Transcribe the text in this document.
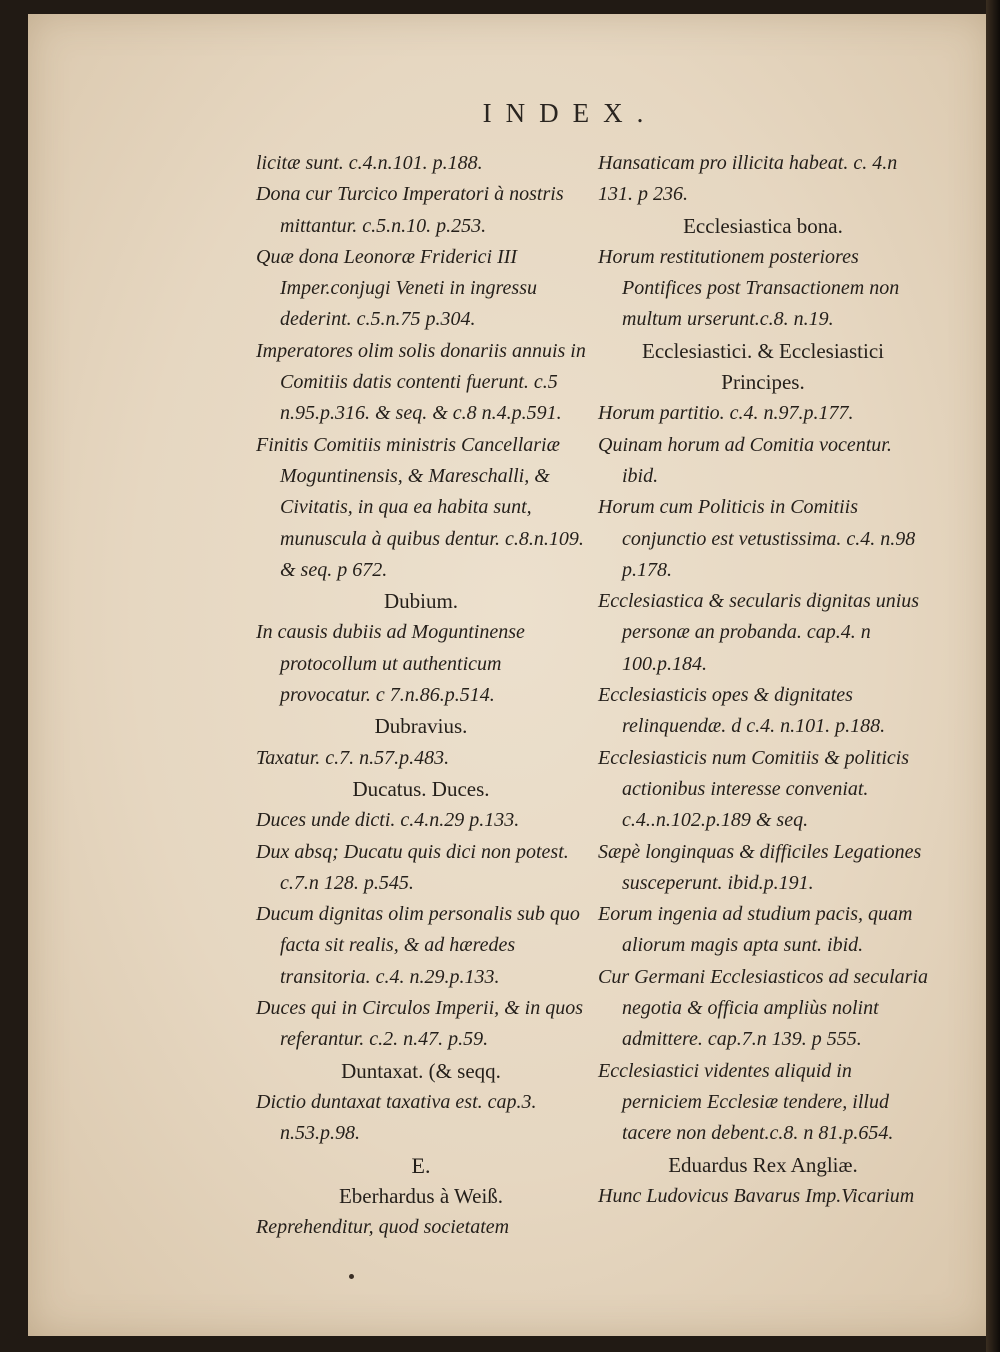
INDEX.

licitæ sunt. c.4.n.101. p.188.

Dona cur Turcico Imperatori à nostris mittantur. c.5.n.10. p.253.

Quæ dona Leonoræ Friderici III Imper.conjugi Veneti in ingressu dederint. c.5.n.75 p.304.

Imperatores olim solis donariis annuis in Comitiis datis contenti fuerunt. c.5 n.95.p.316. & seq. & c.8 n.4.p.591.

Finitis Comitiis ministris Cancellariæ Moguntinensis, & Mareschalli, & Civitatis, in qua ea habita sunt, munuscula à quibus dentur. c.8.n.109. & seq. p 672.

Dubium.

In causis dubiis ad Moguntinense protocollum ut authenticum provocatur. c 7.n.86.p.514.

Dubravius.

Taxatur. c.7. n.57.p.483.

Ducatus. Duces.

Duces unde dicti. c.4.n.29 p.133.

Dux absq; Ducatu quis dici non potest. c.7.n 128. p.545.

Ducum dignitas olim personalis sub quo facta sit realis, & ad hæredes transitoria. c.4. n.29.p.133.

Duces qui in Circulos Imperii, & in quos referantur. c.2. n.47. p.59.

Duntaxat. (& seqq.

Dictio duntaxat taxativa est. cap.3. n.53.p.98.

E.

Eberhardus à Weiß.

Reprehenditur, quod societatem

Hansaticam pro illicita habeat. c. 4.n 131. p 236.

Ecclesiastica bona.

Horum restitutionem posteriores Pontifices post Transactionem non multum urserunt.c.8. n.19.

Ecclesiastici. & Ecclesiastici Principes.

Horum partitio. c.4. n.97.p.177.

Quinam horum ad Comitia vocentur. ibid.

Horum cum Politicis in Comitiis conjunctio est vetustissima. c.4. n.98 p.178.

Ecclesiastica & secularis dignitas unius personæ an probanda. cap.4. n 100.p.184.

Ecclesiasticis opes & dignitates relinquendæ. d c.4. n.101. p.188.

Ecclesiasticis num Comitiis & politicis actionibus interesse conveniat. c.4..n.102.p.189 & seq.

Sæpè longinquas & difficiles Legationes susceperunt. ibid.p.191.

Eorum ingenia ad studium pacis, quam aliorum magis apta sunt. ibid.

Cur Germani Ecclesiasticos ad secularia negotia & officia ampliùs nolint admittere. cap.7.n 139. p 555.

Ecclesiastici videntes aliquid in perniciem Ecclesiæ tendere, illud tacere non debent.c.8. n 81.p.654.

Eduardus Rex Angliæ.

Hunc Ludovicus Bavarus Imp.Vicarium
